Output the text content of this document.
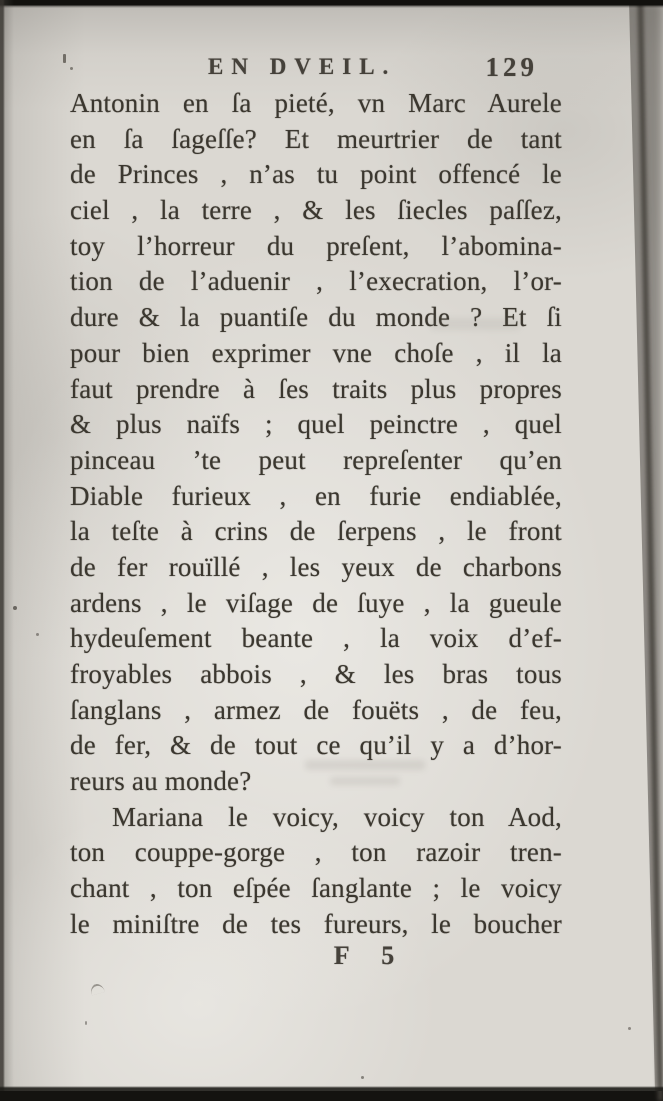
EN DVEIL.	129
Antonin en ſa pieté, vn Marc Aurele
en ſa ſageſſe? Et meurtrier de tant
de Princes , n’as tu point offencé le
ciel , la terre , & les ſiecles paſſez,
toy l’horreur du preſent, l’abomina-
tion de l’aduenir , l’execration, l’or-
dure & la puantiſe du monde ? Et ſi
pour bien exprimer vne choſe , il la
faut prendre à ſes traits plus propres
& plus naïfs ; quel peinctre , quel
pinceau ’te peut repreſenter qu’en
Diable furieux , en furie endiablée,
la teſte à crins de ſerpens , le front
de fer rouïllé , les yeux de charbons
ardens , le viſage de ſuye , la gueule
hydeuſement beante , la voix d’ef-
froyables abbois , & les bras tous
ſanglans , armez de fouëts , de feu,
de fer, & de tout ce qu’il y a d’hor-
reurs au monde?
Mariana le voicy, voicy ton Aod,
ton couppe-gorge , ton razoir tren-
chant , ton eſpée ſanglante ; le voicy
le miniſtre de tes fureurs, le boucher
F 5
